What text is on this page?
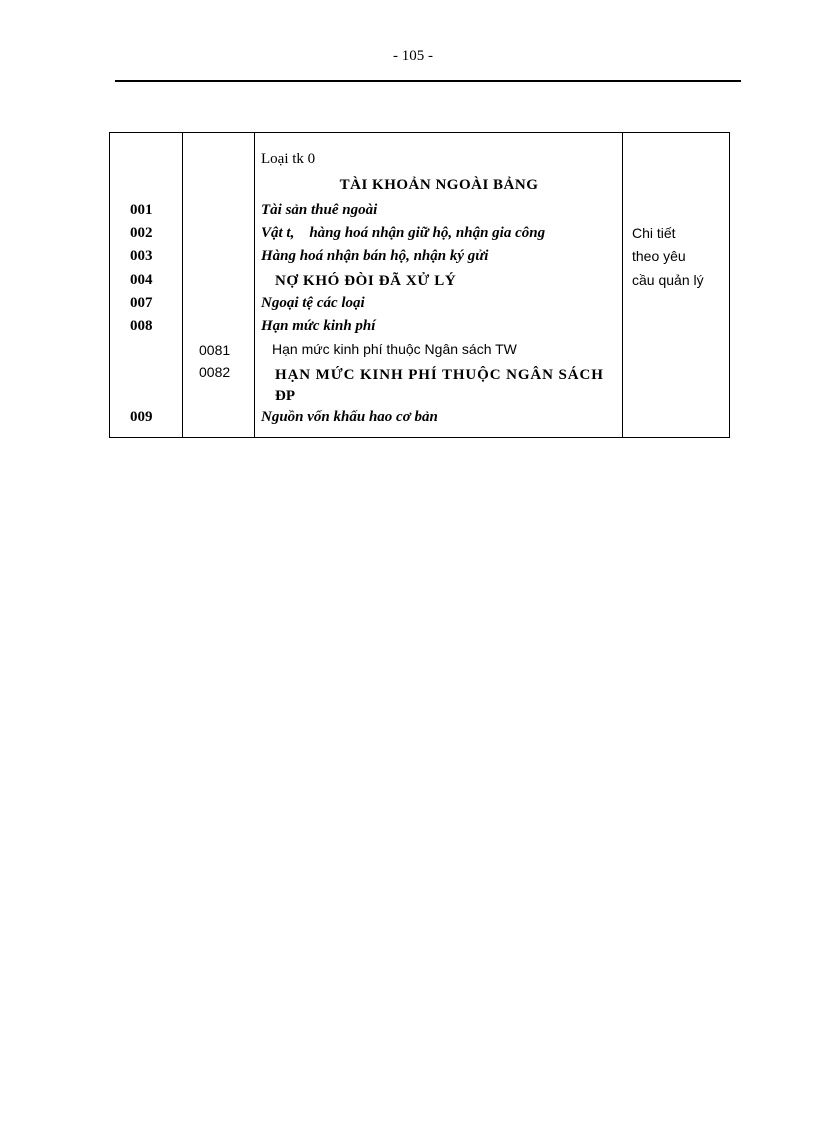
- 105 -
001
002
003
004
007
008
009
0081
0082
Loại tk 0
TÀI KHOẢN NGOÀI BẢNG
Tài sản thuê ngoài
Vật t,    hàng hoá nhận giữ hộ, nhận gia công
Hàng hoá nhận bán hộ, nhận ký gửi
NỢ KHÓ ĐÒI ĐÃ XỬ LÝ
Ngoại tệ các loại
Hạn mức kinh phí
Hạn mức kinh phí thuộc Ngân sách TW
HẠN MỨC KINH PHÍ THUỘC NGÂN SÁCH
ĐP
Nguồn vốn khấu hao cơ bản
Chi tiết
theo yêu
cầu quản lý
